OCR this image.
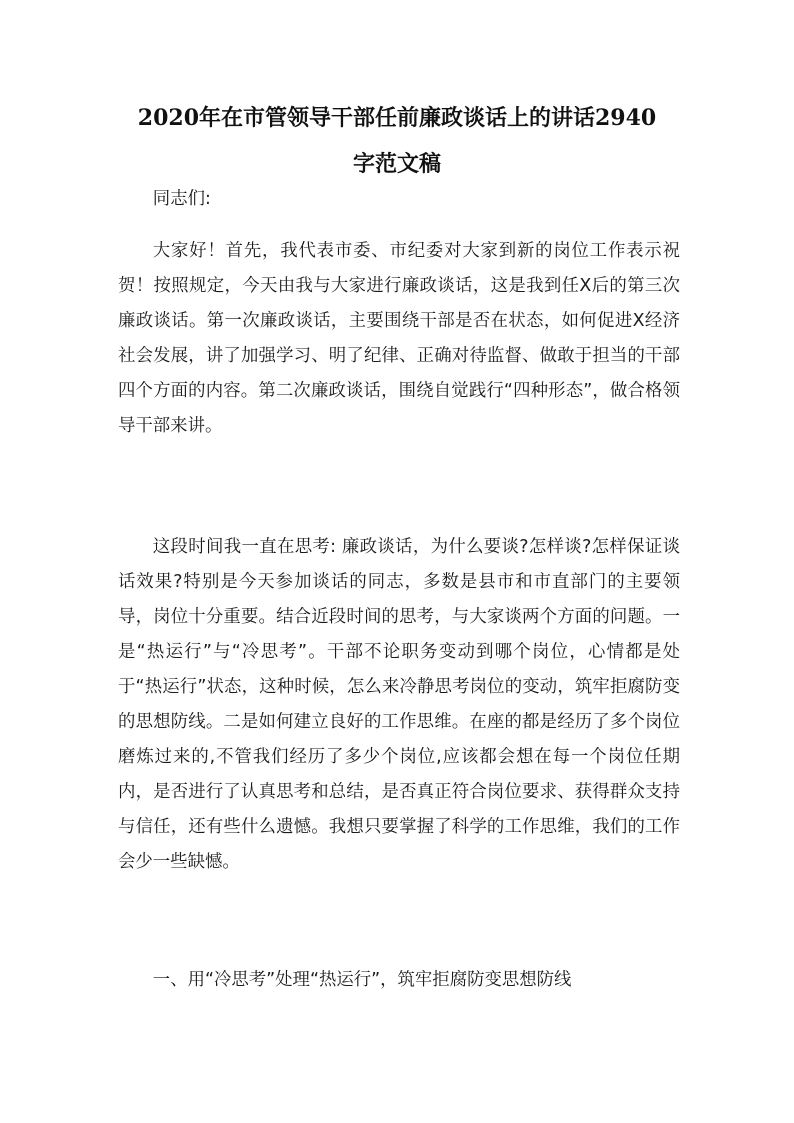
2020年在市管领导干部任前廉政谈话上的讲话2940
字范文稿

同志们:

大家好！首先，我代表市委、市纪委对大家到新的岗位工作表示祝贺！按照规定，今天由我与大家进行廉政谈话，这是我到任X后的第三次廉政谈话。第一次廉政谈话，主要围绕干部是否在状态，如何促进X经济社会发展，讲了加强学习、明了纪律、正确对待监督、做敢于担当的干部四个方面的内容。第二次廉政谈话，围绕自觉践行“四种形态”，做合格领导干部来讲。

这段时间我一直在思考: 廉政谈话，为什么要谈?怎样谈?怎样保证谈话效果?特别是今天参加谈话的同志，多数是县市和市直部门的主要领导，岗位十分重要。结合近段时间的思考，与大家谈两个方面的问题。一是“热运行”与“冷思考”。干部不论职务变动到哪个岗位，心情都是处于“热运行”状态，这种时候，怎么来冷静思考岗位的变动，筑牢拒腐防变的思想防线。二是如何建立良好的工作思维。在座的都是经历了多个岗位磨炼过来的,不管我们经历了多少个岗位,应该都会想在每一个岗位任期内，是否进行了认真思考和总结，是否真正符合岗位要求、获得群众支持与信任，还有些什么遗憾。我想只要掌握了科学的工作思维，我们的工作会少一些缺憾。

一、用“冷思考”处理“热运行”，筑牢拒腐防变思想防线
